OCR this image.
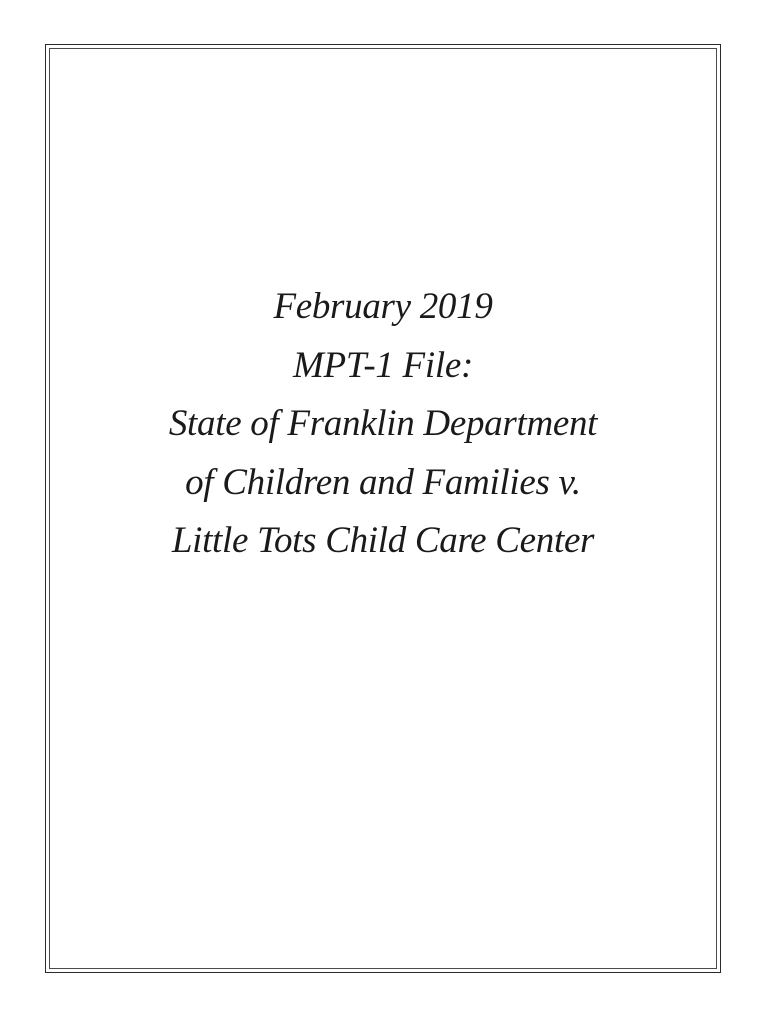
February 2019
MPT-1 File:
State of Franklin Department
of Children and Families v.
Little Tots Child Care Center
